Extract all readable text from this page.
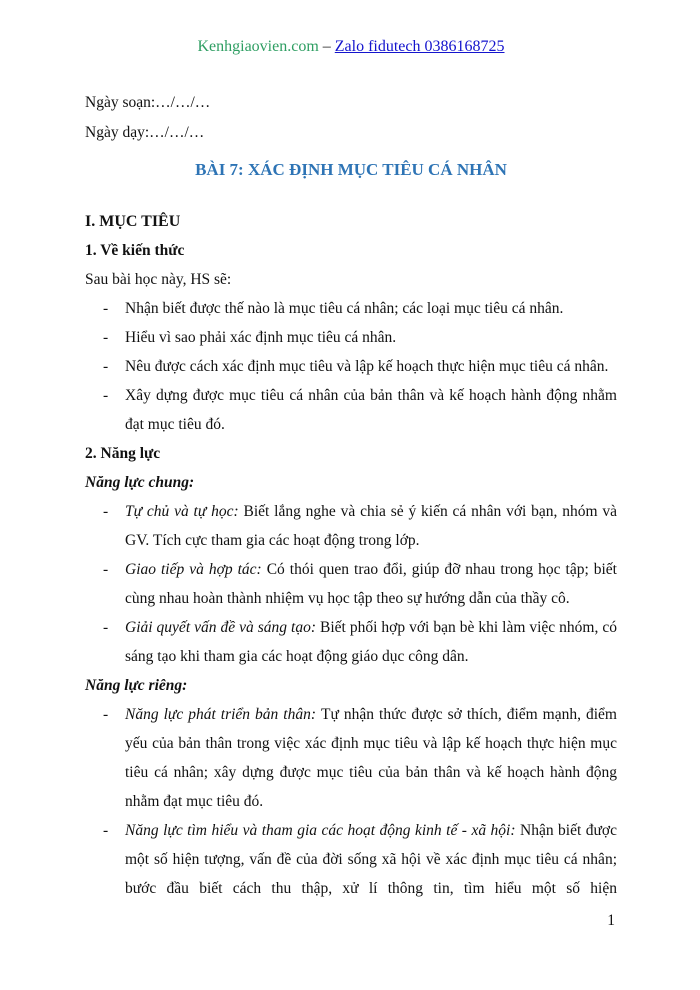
Kenhgiaovien.com – Zalo fidutech 0386168725

Ngày soạn:…/…/…

Ngày dạy:…/…/…

BÀI 7: XÁC ĐỊNH MỤC TIÊU CÁ NHÂN
I. MỤC TIÊU
1. Về kiến thức

Sau bài học này, HS sẽ:

- Nhận biết được thế nào là mục tiêu cá nhân; các loại mục tiêu cá nhân.
- Hiểu vì sao phải xác định mục tiêu cá nhân.
- Nêu được cách xác định mục tiêu và lập kế hoạch thực hiện mục tiêu cá nhân.
- Xây dựng được mục tiêu cá nhân của bản thân và kế hoạch hành động nhằm đạt mục tiêu đó.
2. Năng lực
Năng lực chung:
- Tự chủ và tự học: Biết lắng nghe và chia sẻ ý kiến cá nhân với bạn, nhóm và GV. Tích cực tham gia các hoạt động trong lớp.
- Giao tiếp và hợp tác: Có thói quen trao đổi, giúp đỡ nhau trong học tập; biết cùng nhau hoàn thành nhiệm vụ học tập theo sự hướng dẫn của thầy cô.
- Giải quyết vấn đề và sáng tạo: Biết phối hợp với bạn bè khi làm việc nhóm, có sáng tạo khi tham gia các hoạt động giáo dục công dân.
Năng lực riêng:
- Năng lực phát triển bản thân: Tự nhận thức được sở thích, điểm mạnh, điểm yếu của bản thân trong việc xác định mục tiêu và lập kế hoạch thực hiện mục tiêu cá nhân; xây dựng được mục tiêu của bản thân và kế hoạch hành động nhằm đạt mục tiêu đó.
- Năng lực tìm hiểu và tham gia các hoạt động kinh tế - xã hội: Nhận biết được một số hiện tượng, vấn đề của đời sống xã hội về xác định mục tiêu cá nhân; bước đầu biết cách thu thập, xử lí thông tin, tìm hiểu một số hiện
1
